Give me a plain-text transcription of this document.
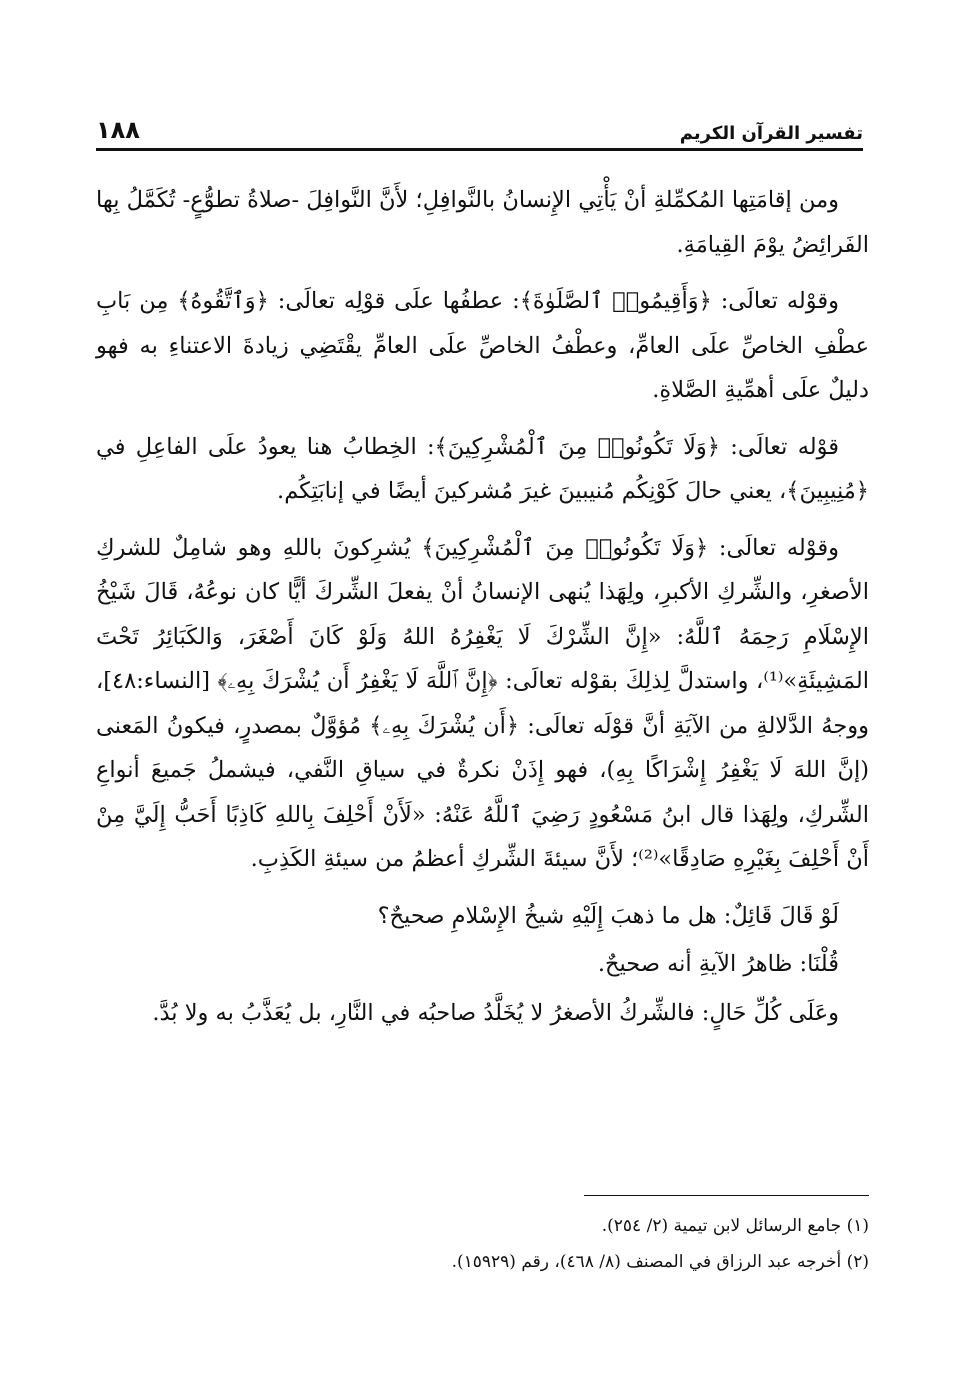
تفسير القرآن الكريم
١٨٨

ومن إقامَتِها المُكمِّلةِ أنْ يَأْتِي الإِنسانُ بالنَّوافِلِ؛ لأَنَّ النَّوافِلَ -صلاةُ تطوُّعٍ- تُكَمَّلُ بِها الفَرائِضُ يوْمَ القِيامَةِ.

وقوْله تعالَى: ﴿وَأَقِيمُوا۟ ٱلصَّلَوٰةَ﴾: عطفُها علَى قوْلِه تعالَى: ﴿وَٱتَّقُوهُ﴾ مِن بَابِ عطْفِ الخاصِّ علَى العامِّ، وعطْفُ الخاصِّ علَى العامِّ يقْتَضِي زيادةَ الاعتناءِ به فهو دليلٌ علَى أهمِّيةِ الصَّلاةِ.

قوْله تعالَى: ﴿وَلَا تَكُونُوا۟ مِنَ ٱلْمُشْرِكِينَ﴾: الخِطابُ هنا يعودُ علَى الفاعِلِ في ﴿مُنِيبِينَ﴾، يعني حالَ كَوْنِكُم مُنيبينَ غيرَ مُشركينَ أيضًا في إنابَتِكُم.

وقوْله تعالَى: ﴿وَلَا تَكُونُوا۟ مِنَ ٱلْمُشْرِكِينَ﴾ يُشرِكونَ باللهِ وهو شامِلٌ للشركِ الأصغرِ، والشِّركِ الأكبرِ، ولِهَذا يُنهى الإنسانُ أنْ يفعلَ الشِّركَ أيًّا كان نوعُهُ، قَالَ شَيْخُ الإِسْلَامِ رَحِمَهُ ٱللَّهُ: «إِنَّ الشِّرْكَ لَا يَغْفِرُهُ اللهُ وَلَوْ كَانَ أَصْغَرَ، وَالكَبَائِرُ تَحْتَ المَشِيئَةِ»⁽¹⁾، واستدلَّ لِذلِكَ بقوْله تعالَى: ﴿إِنَّ ٱللَّهَ لَا يَغْفِرُ أَن يُشْرَكَ بِهِۦ﴾ [النساء:٤٨]، ووجهُ الدَّلالةِ من الآيَةِ أنَّ قوْلَه تعالَى: ﴿أَن يُشْرَكَ بِهِۦ﴾ مُؤوَّلٌ بمصدرٍ، فيكونُ المَعنى (إنَّ اللهَ لَا يَغْفِرُ إِشْرَاكًا بِهِ)، فهو إِذَنْ نكرةٌ في سياقِ النَّفي، فيشملُ جَميعَ أنواعِ الشِّركِ، ولِهَذا قال ابنُ مَسْعُودٍ رَضِيَ ٱللَّهُ عَنْهُ: «لَأَنْ أَحْلِفَ بِاللهِ كَاذِبًا أَحَبُّ إِلَيَّ مِنْ أَنْ أَحْلِفَ بِغَيْرِهِ صَادِقًا»⁽²⁾؛ لأَنَّ سيئةَ الشِّركِ أعظمُ من سيئةِ الكَذِبِ.

لَوْ قَالَ قَائِلٌ: هل ما ذهبَ إِلَيْهِ شيخُ الإِسْلامِ صحيحٌ؟

قُلْنَا: ظاهرُ الآيةِ أنه صحيحٌ.

وعَلَى كُلِّ حَالٍ: فالشِّركُ الأصغرُ لا يُخَلَّدُ صاحبُه في النَّارِ، بل يُعَذَّبُ به ولا بُدَّ.

(١) جامع الرسائل لابن تيمية (٢/ ٢٥٤).
(٢) أخرجه عبد الرزاق في المصنف (٨/ ٤٦٨)، رقم (١٥٩٢٩).
